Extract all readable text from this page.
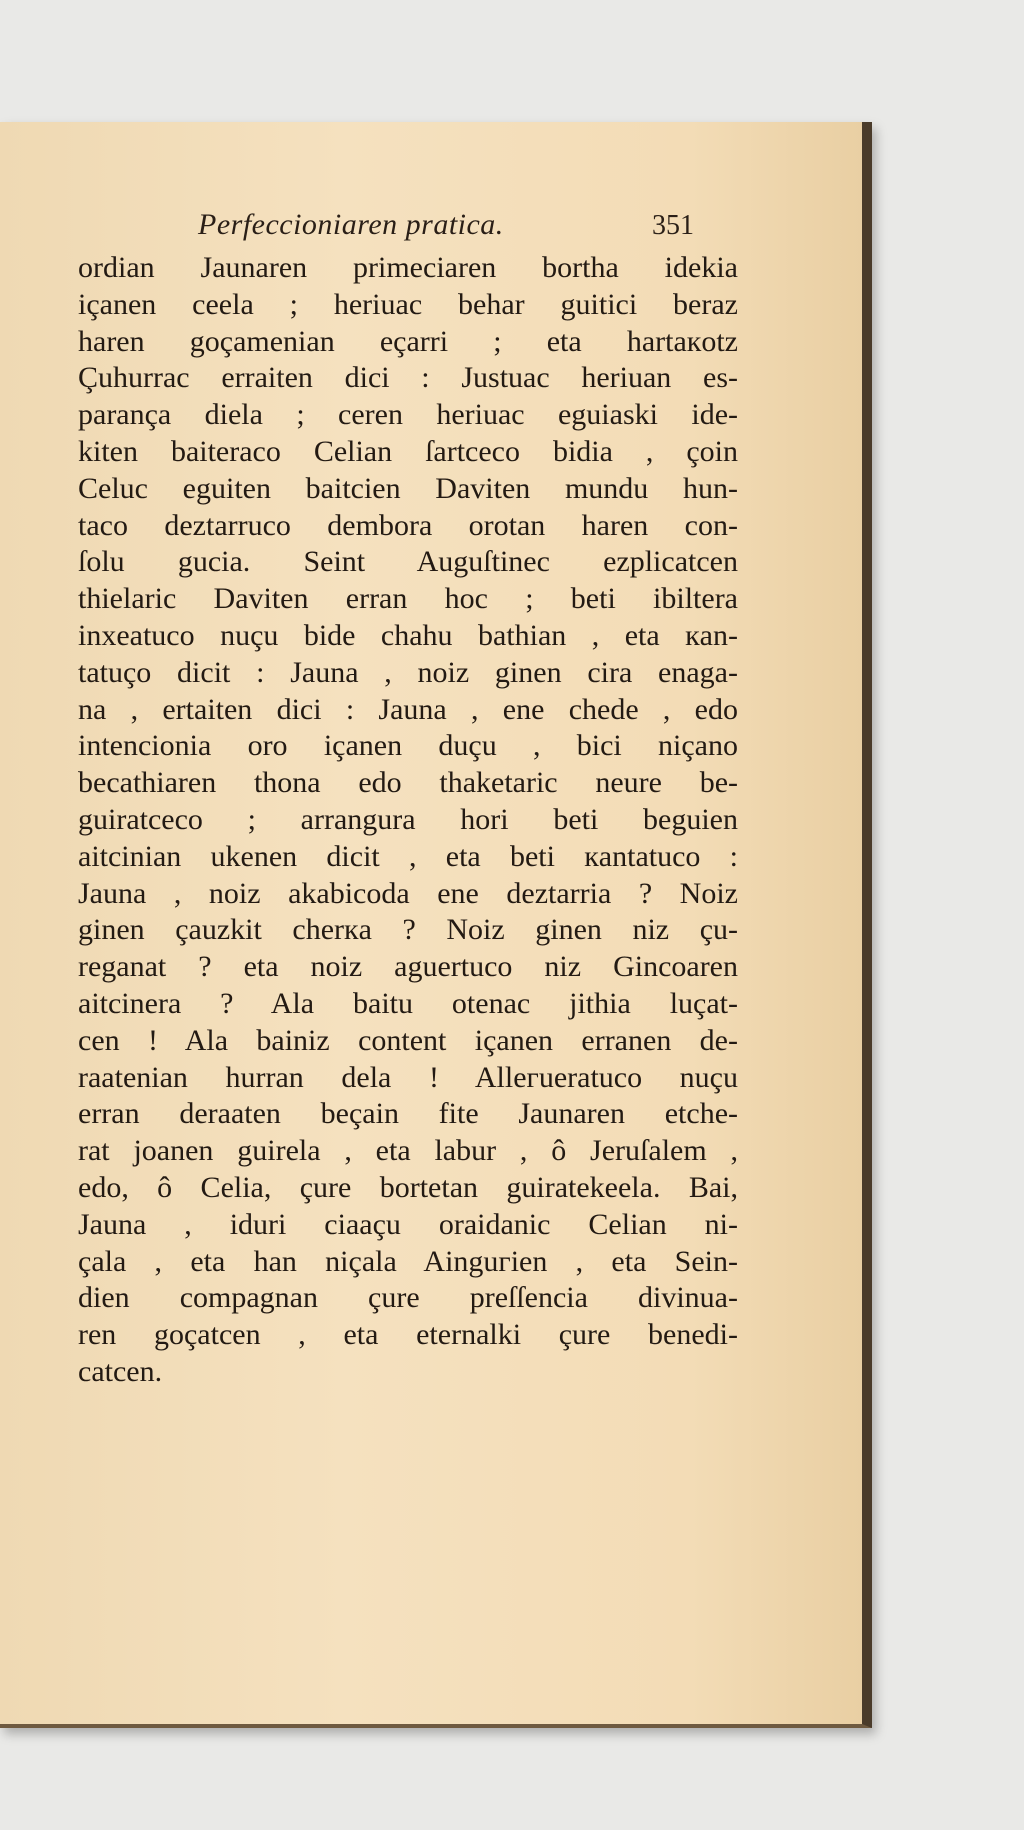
Perfeccioniaren pratica.	351
ordian Jaunaren primeciaren bortha idekia
içanen ceela ; heriuac behar guitici beraz
haren goçamenian eçarri ; eta hartaкotz
Çuhurrac erraiten dici : Justuac heriuan es-
parança diela ; ceren heriuac eguiaski ide-
kiten baiteraco Celian ſartceco bidia , çoin
Celuc eguiten baitcien Daviten mundu hun-
taco deztarruco dembora orotan haren con-
ſolu gucia. Seint Auguſtinec ezplicatcen
thielaric Daviten erran hoc ; beti ibiltera
inxeatuco nuçu bide chahu bathian , eta кan-
tatuço dicit : Jauna , noiz ginen cira enaga-
na , ertaiten dici : Jauna , ene chede , edo
intencionia oro içanen duçu , bici niçano
becathiaren thona edo thaketaric neure be-
guiratceco ; arrangura hori beti beguien
aitcinian ukenen dicit , eta beti кantatuco :
Jauna , noiz akabicoda ene deztarria ? Noiz
ginen çauzkit cherкa ? Noiz ginen niz çu-
reganat ? eta noiz aguertuco niz Gincoaren
aitcinera ? Ala baitu otenac jithia luçat-
cen ! Ala bainiz content içanen erranen de-
raatenian hurran dela ! Alleгueratuco nuçu
erran deraaten beçain fite Jaunaren etche-
rat joanen guirela , eta labur , ô Jeruſalem ,
edo, ô Celia, çure bortetan guiratekeela. Bai,
Jauna , iduri ciaaçu oraidanic Celian ni-
çala , eta han niçala Ainguгien , eta Sein-
dien compagnan çure preſſencia divinua-
ren goçatcen , eta eternalki çure benedi-
catcen.
